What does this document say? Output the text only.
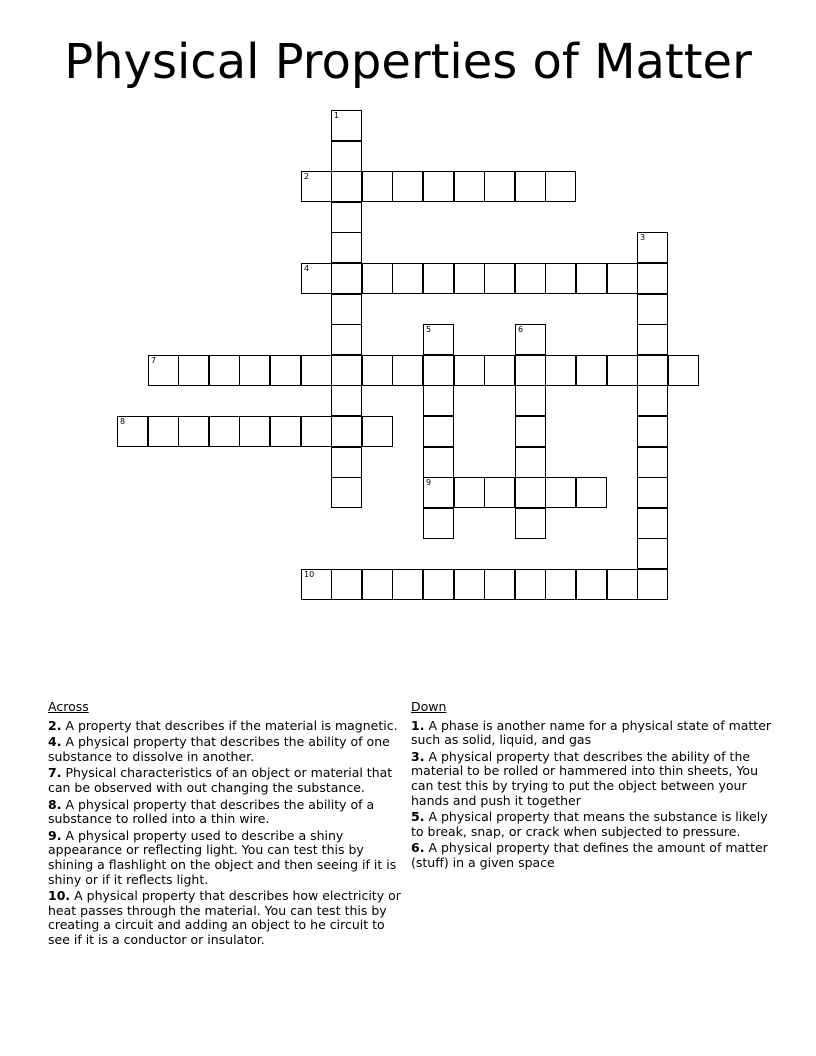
Physical Properties of Matter
1
2
3
4
5
9
6
7
8
10
Across
2. A property that describes if the material is magnetic.
4. A physical property that describes the ability of one substance to dissolve in another.
7. Physical characteristics of an object or material that can be observed with out changing the substance.
8. A physical property that describes the ability of a substance to rolled into a thin wire.
9. A physical property used to describe a shiny appearance or reflecting light. You can test this by shining a flashlight on the object and then seeing if it is shiny or if it reflects light.
10. A physical property that describes how electricity or heat passes through the material. You can test this by creating a circuit and adding an object to he circuit to see if it is a conductor or insulator.
Down
1. A phase is another name for a physical state of matter such as solid, liquid, and gas
3. A physical property that describes the ability of the material to be rolled or hammered into thin sheets, You can test this by trying to put the object between your hands and push it together
5. A physical property that means the substance is likely to break, snap, or crack when subjected to pressure.
6. A physical property that defines the amount of matter (stuff) in a given space
